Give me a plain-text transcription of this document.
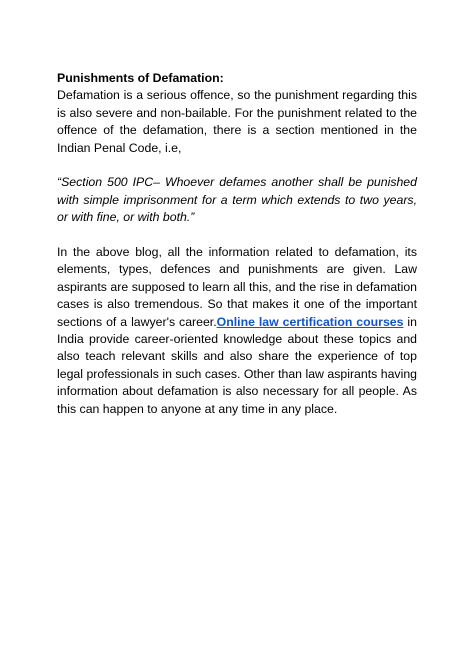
Punishments of Defamation:

Defamation is a serious offence, so the punishment regarding this is also severe and non-bailable. For the punishment related to the offence of the defamation, there is a section mentioned in the Indian Penal Code, i.e,

“Section 500 IPC– Whoever defames another shall be punished with simple imprisonment for a term which extends to two years, or with fine, or with both.”

In the above blog, all the information related to defamation, its elements, types, defences and punishments are given. Law aspirants are supposed to learn all this, and the rise in defamation cases is also tremendous. So that makes it one of the important sections of a lawyer's career.Online law certification courses in India provide career-oriented knowledge about these topics and also teach relevant skills and also share the experience of top legal professionals in such cases. Other than law aspirants having information about defamation is also necessary for all people. As this can happen to anyone at any time in any place.
